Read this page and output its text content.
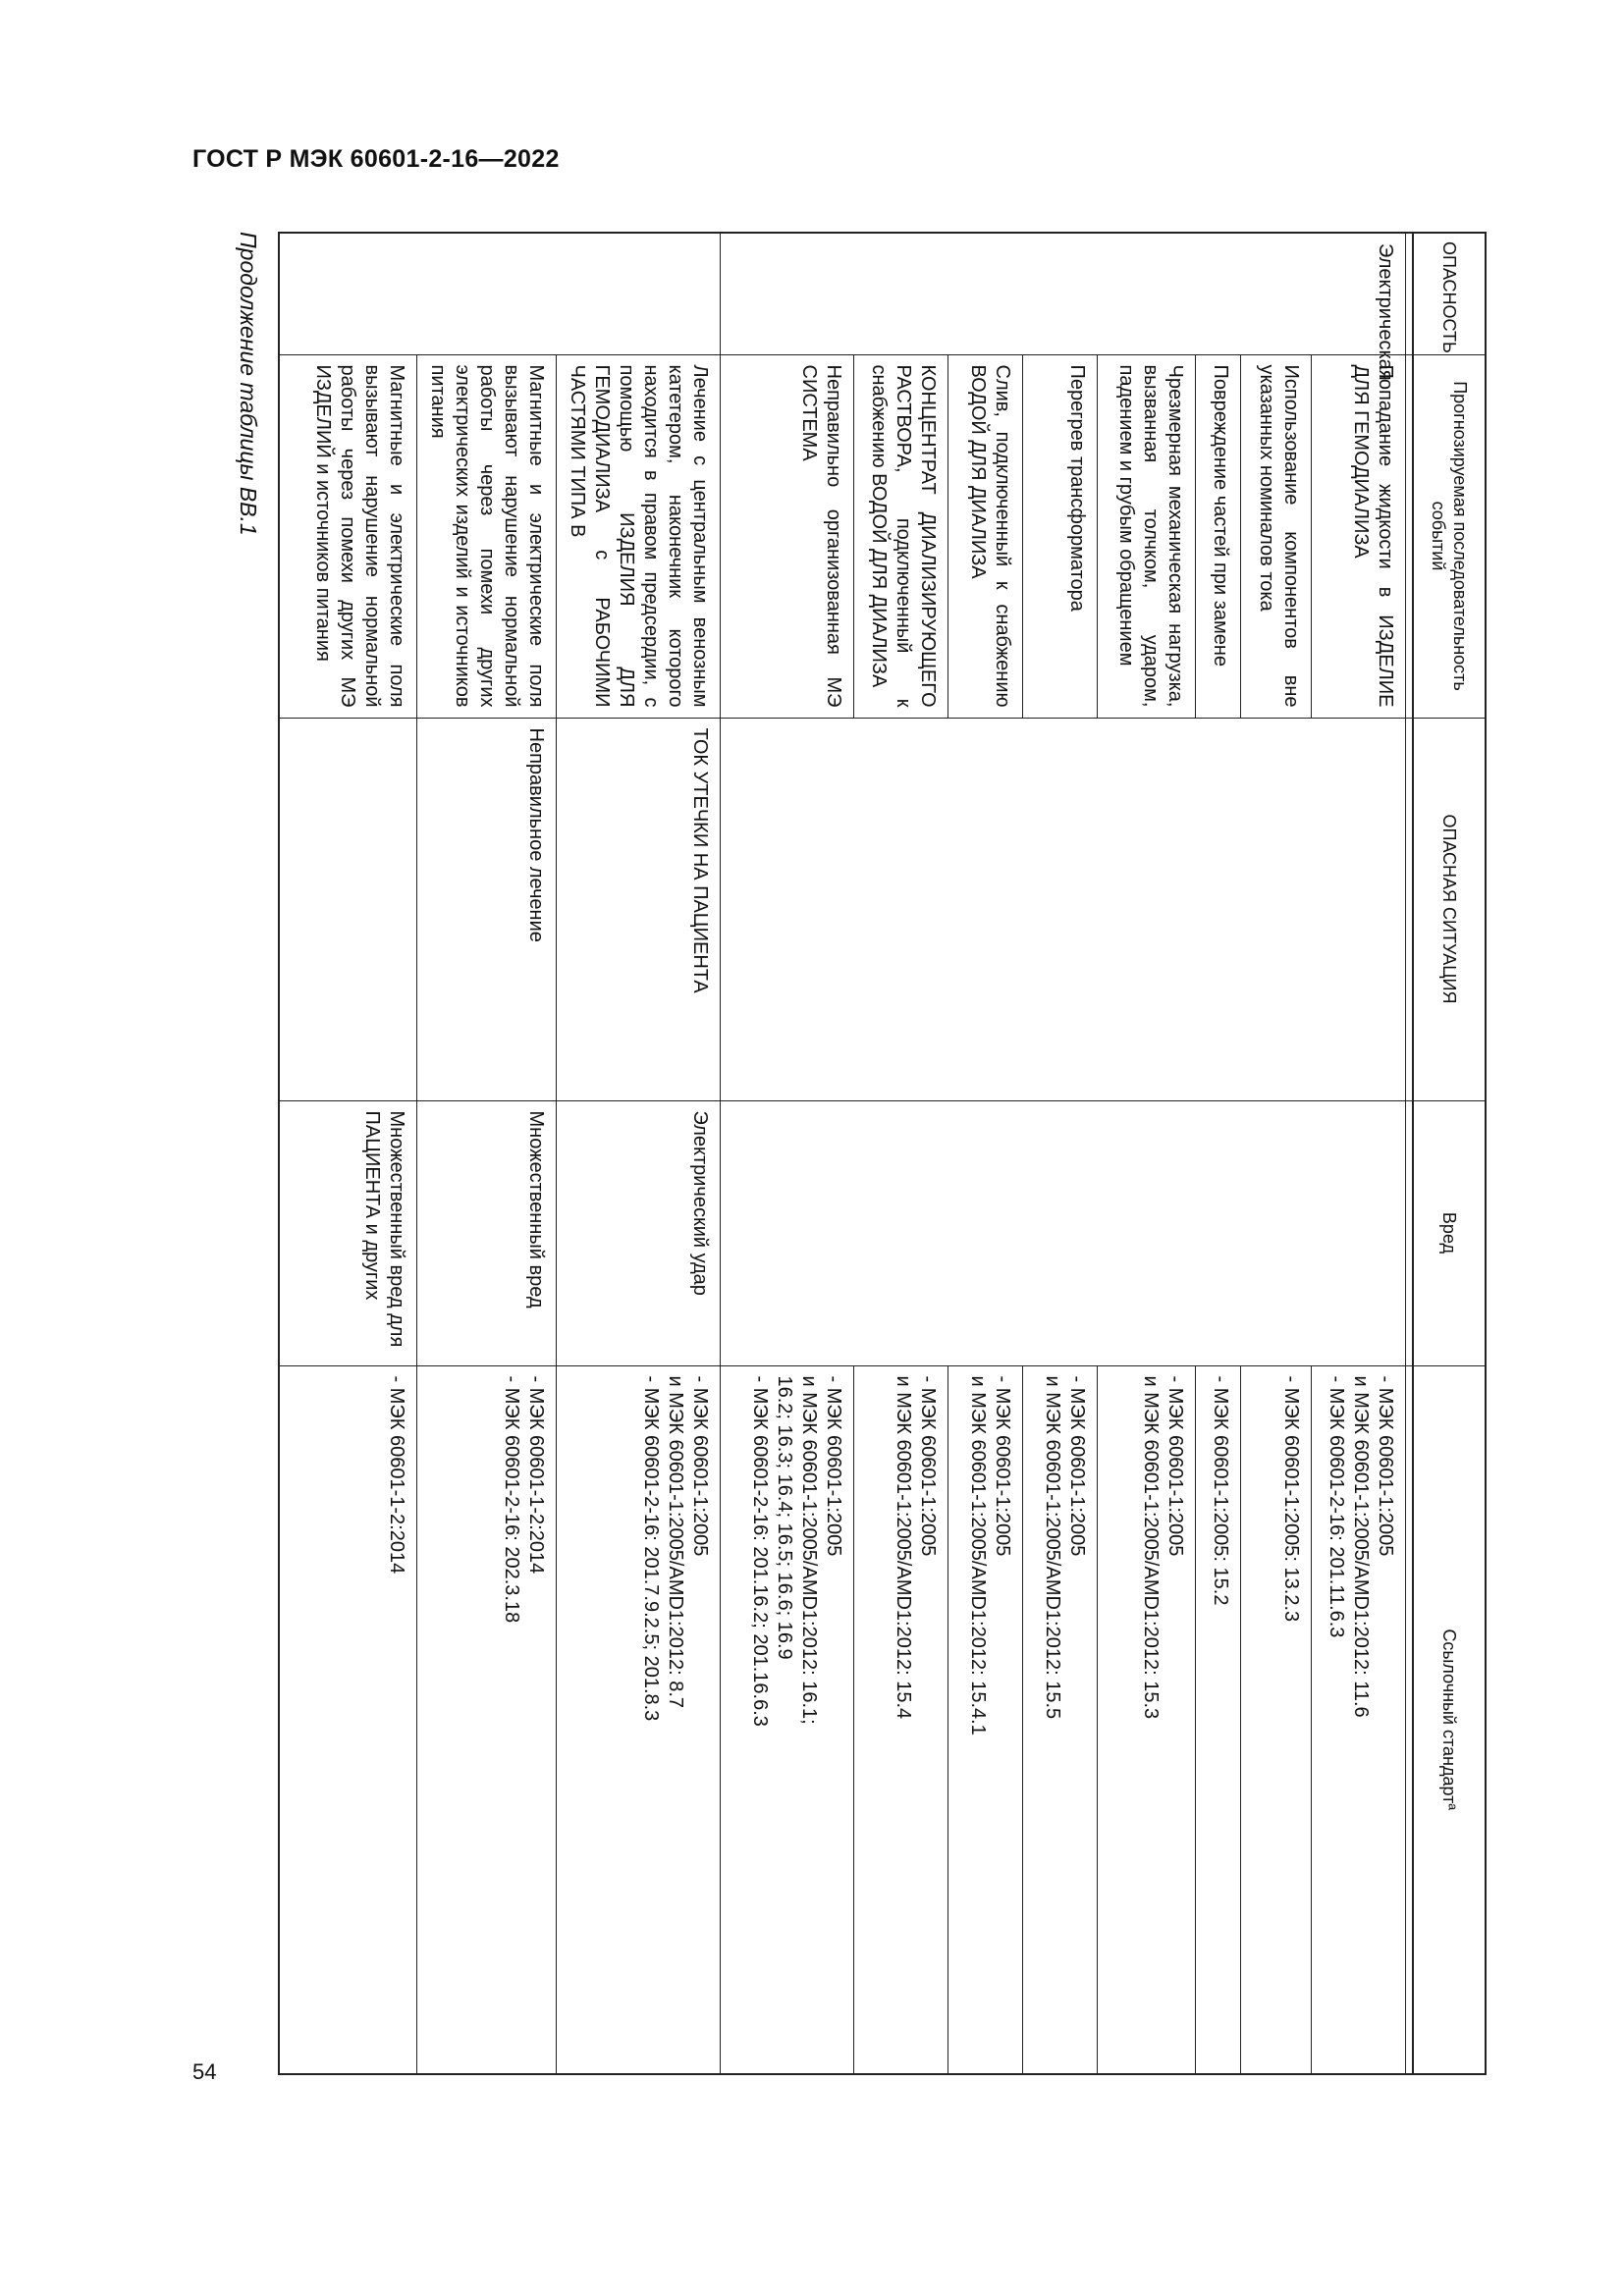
ГОСТ Р МЭК 60601-2-16—2022
ОПАСНОСТЬ	Прогнозируемая последовательность событий	ОПАСНАЯ СИТУАЦИЯ	Вред	Ссылочный стандартª

Электрическая	Попадание жидкости в ИЗДЕЛИЕ ДЛЯ ГЕМОДИАЛИЗА			- МЭК 60601-1:2005
и МЭК 60601-1:2005/AMD1:2012: 11.6
- МЭК 60601-2-16: 201.11.6.3

	Использование компонентов вне указанных номиналов тока			- МЭК 60601-1:2005: 13.2.3

	Повреждение частей при замене			- МЭК 60601-1:2005: 15.2

	Чрезмерная механическая нагрузка, вызванная толчком, ударом, падением и грубым обращением			- МЭК 60601-1:2005
и МЭК 60601-1:2005/AMD1:2012: 15.3

	Перегрев трансформатора			- МЭК 60601-1:2005
и МЭК 60601-1:2005/AMD1:2012: 15.5

	Слив, подключенный к снабжению ВОДОЙ ДЛЯ ДИАЛИЗА			- МЭК 60601-1:2005
и МЭК 60601-1:2005/AMD1:2012: 15.4.1

	КОНЦЕНТРАТ ДИАЛИЗИРУЮЩЕГО РАСТВОРА, подключенный к снабжению ВОДОЙ ДЛЯ ДИАЛИЗА			- МЭК 60601-1:2005
и МЭК 60601-1:2005/AMD1:2012: 15.4

	Неправильно организованная МЭ СИСТЕМА			- МЭК 60601-1:2005
и МЭК 60601-1:2005/AMD1:2012: 16.1;
16.2; 16.3; 16.4; 16.5; 16.6; 16.9
- МЭК 60601-2-16: 201.16.2; 201.16.6.3

	Лечение с центральным венозным катетером, наконечник которого находится в правом предсердии, с помощью ИЗДЕЛИЯ ДЛЯ ГЕМОДИАЛИЗА с РАБОЧИМИ ЧАСТЯМИ ТИПА В	ТОК УТЕЧКИ НА ПАЦИЕНТА	Электрический удар	- МЭК 60601-1:2005
и МЭК 60601-1:2005/AMD1:2012: 8.7
- МЭК 60601-2-16: 201.7.9.2.5; 201.8.3

	Магнитные и электрические поля вызывают нарушение нормальной работы через помехи других электрических изделий и источников питания	Неправильное лечение	Множественный вред	- МЭК 60601-1-2:2014
- МЭК 60601-2-16: 202.3.18

	Магнитные и электрические поля вызывают нарушение нормальной работы через помехи других МЭ ИЗДЕЛИЙ и источников питания		Множественный вред для ПАЦИЕНТА и других	- МЭК 60601-1-2:2014
Продолжение таблицы ВВ.1
54
